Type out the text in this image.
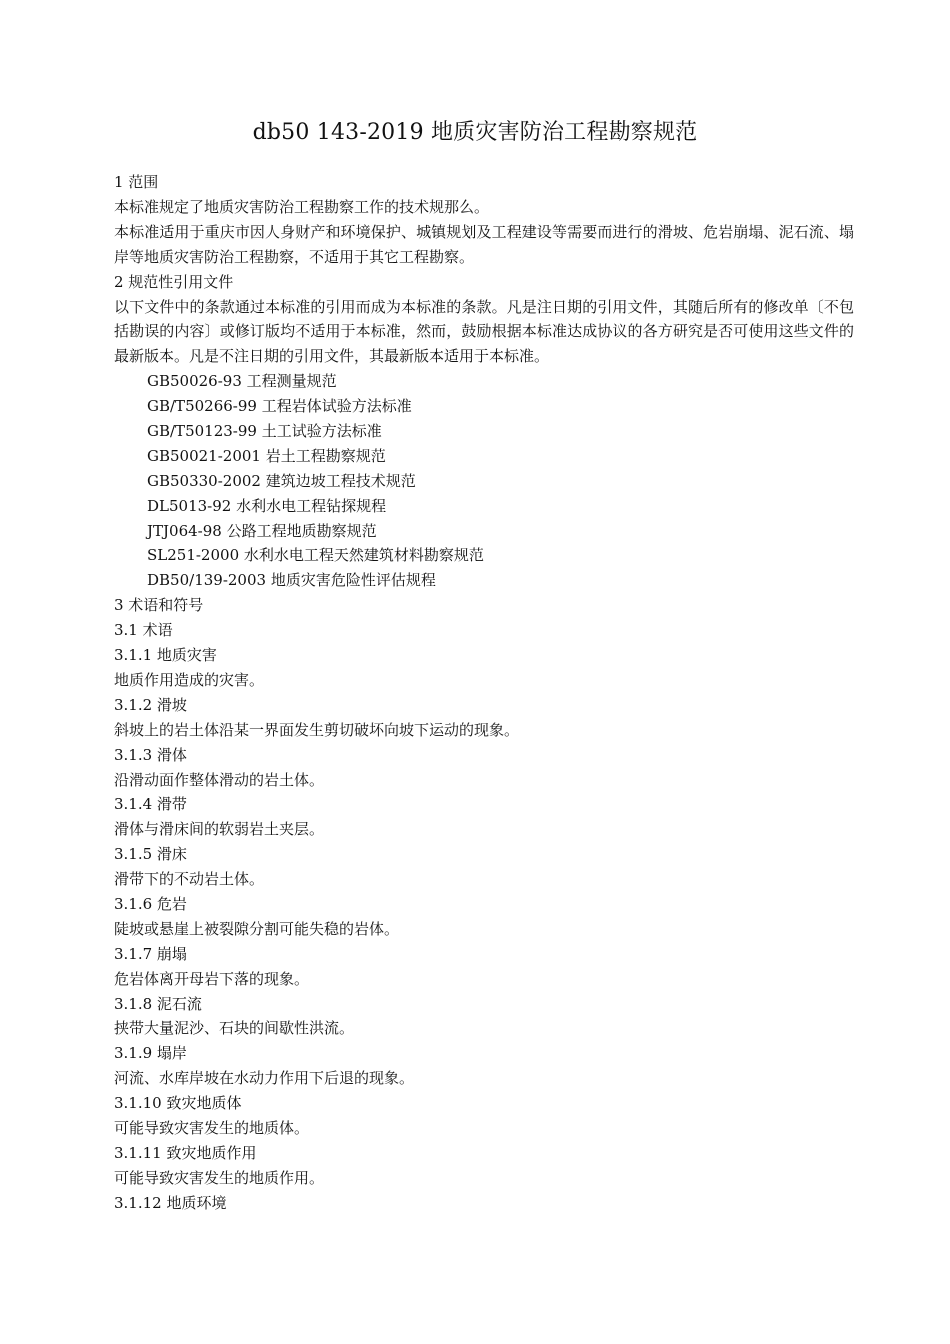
db50 143-2019 地质灾害防治工程勘察规范
1 范围
本标准规定了地质灾害防治工程勘察工作的技术规那么。
本标准适用于重庆市因人身财产和环境保护、城镇规划及工程建设等需要而进行的滑坡、危岩崩塌、泥石流、塌岸等地质灾害防治工程勘察，不适用于其它工程勘察。
2 规范性引用文件
以下文件中的条款通过本标准的引用而成为本标准的条款。凡是注日期的引用文件，其随后所有的修改单〔不包括勘误的内容〕或修订版均不适用于本标准，然而，鼓励根据本标准达成协议的各方研究是否可使用这些文件的最新版本。凡是不注日期的引用文件，其最新版本适用于本标准。
GB50026-93 工程测量规范
GB/T50266-99 工程岩体试验方法标准
GB/T50123-99 土工试验方法标准
GB50021-2001 岩土工程勘察规范
GB50330-2002 建筑边坡工程技术规范
DL5013-92 水利水电工程钻探规程
JTJ064-98 公路工程地质勘察规范
SL251-2000 水利水电工程天然建筑材料勘察规范
DB50/139-2003 地质灾害危险性评估规程
3 术语和符号
3.1 术语
3.1.1 地质灾害
地质作用造成的灾害。
3.1.2 滑坡
斜坡上的岩土体沿某一界面发生剪切破坏向坡下运动的现象。
3.1.3 滑体
沿滑动面作整体滑动的岩土体。
3.1.4 滑带
滑体与滑床间的软弱岩土夹层。
3.1.5 滑床
滑带下的不动岩土体。
3.1.6 危岩
陡坡或悬崖上被裂隙分割可能失稳的岩体。
3.1.7 崩塌
危岩体离开母岩下落的现象。
3.1.8 泥石流
挟带大量泥沙、石块的间歇性洪流。
3.1.9 塌岸
河流、水库岸坡在水动力作用下后退的现象。
3.1.10 致灾地质体
可能导致灾害发生的地质体。
3.1.11 致灾地质作用
可能导致灾害发生的地质作用。
3.1.12 地质环境
